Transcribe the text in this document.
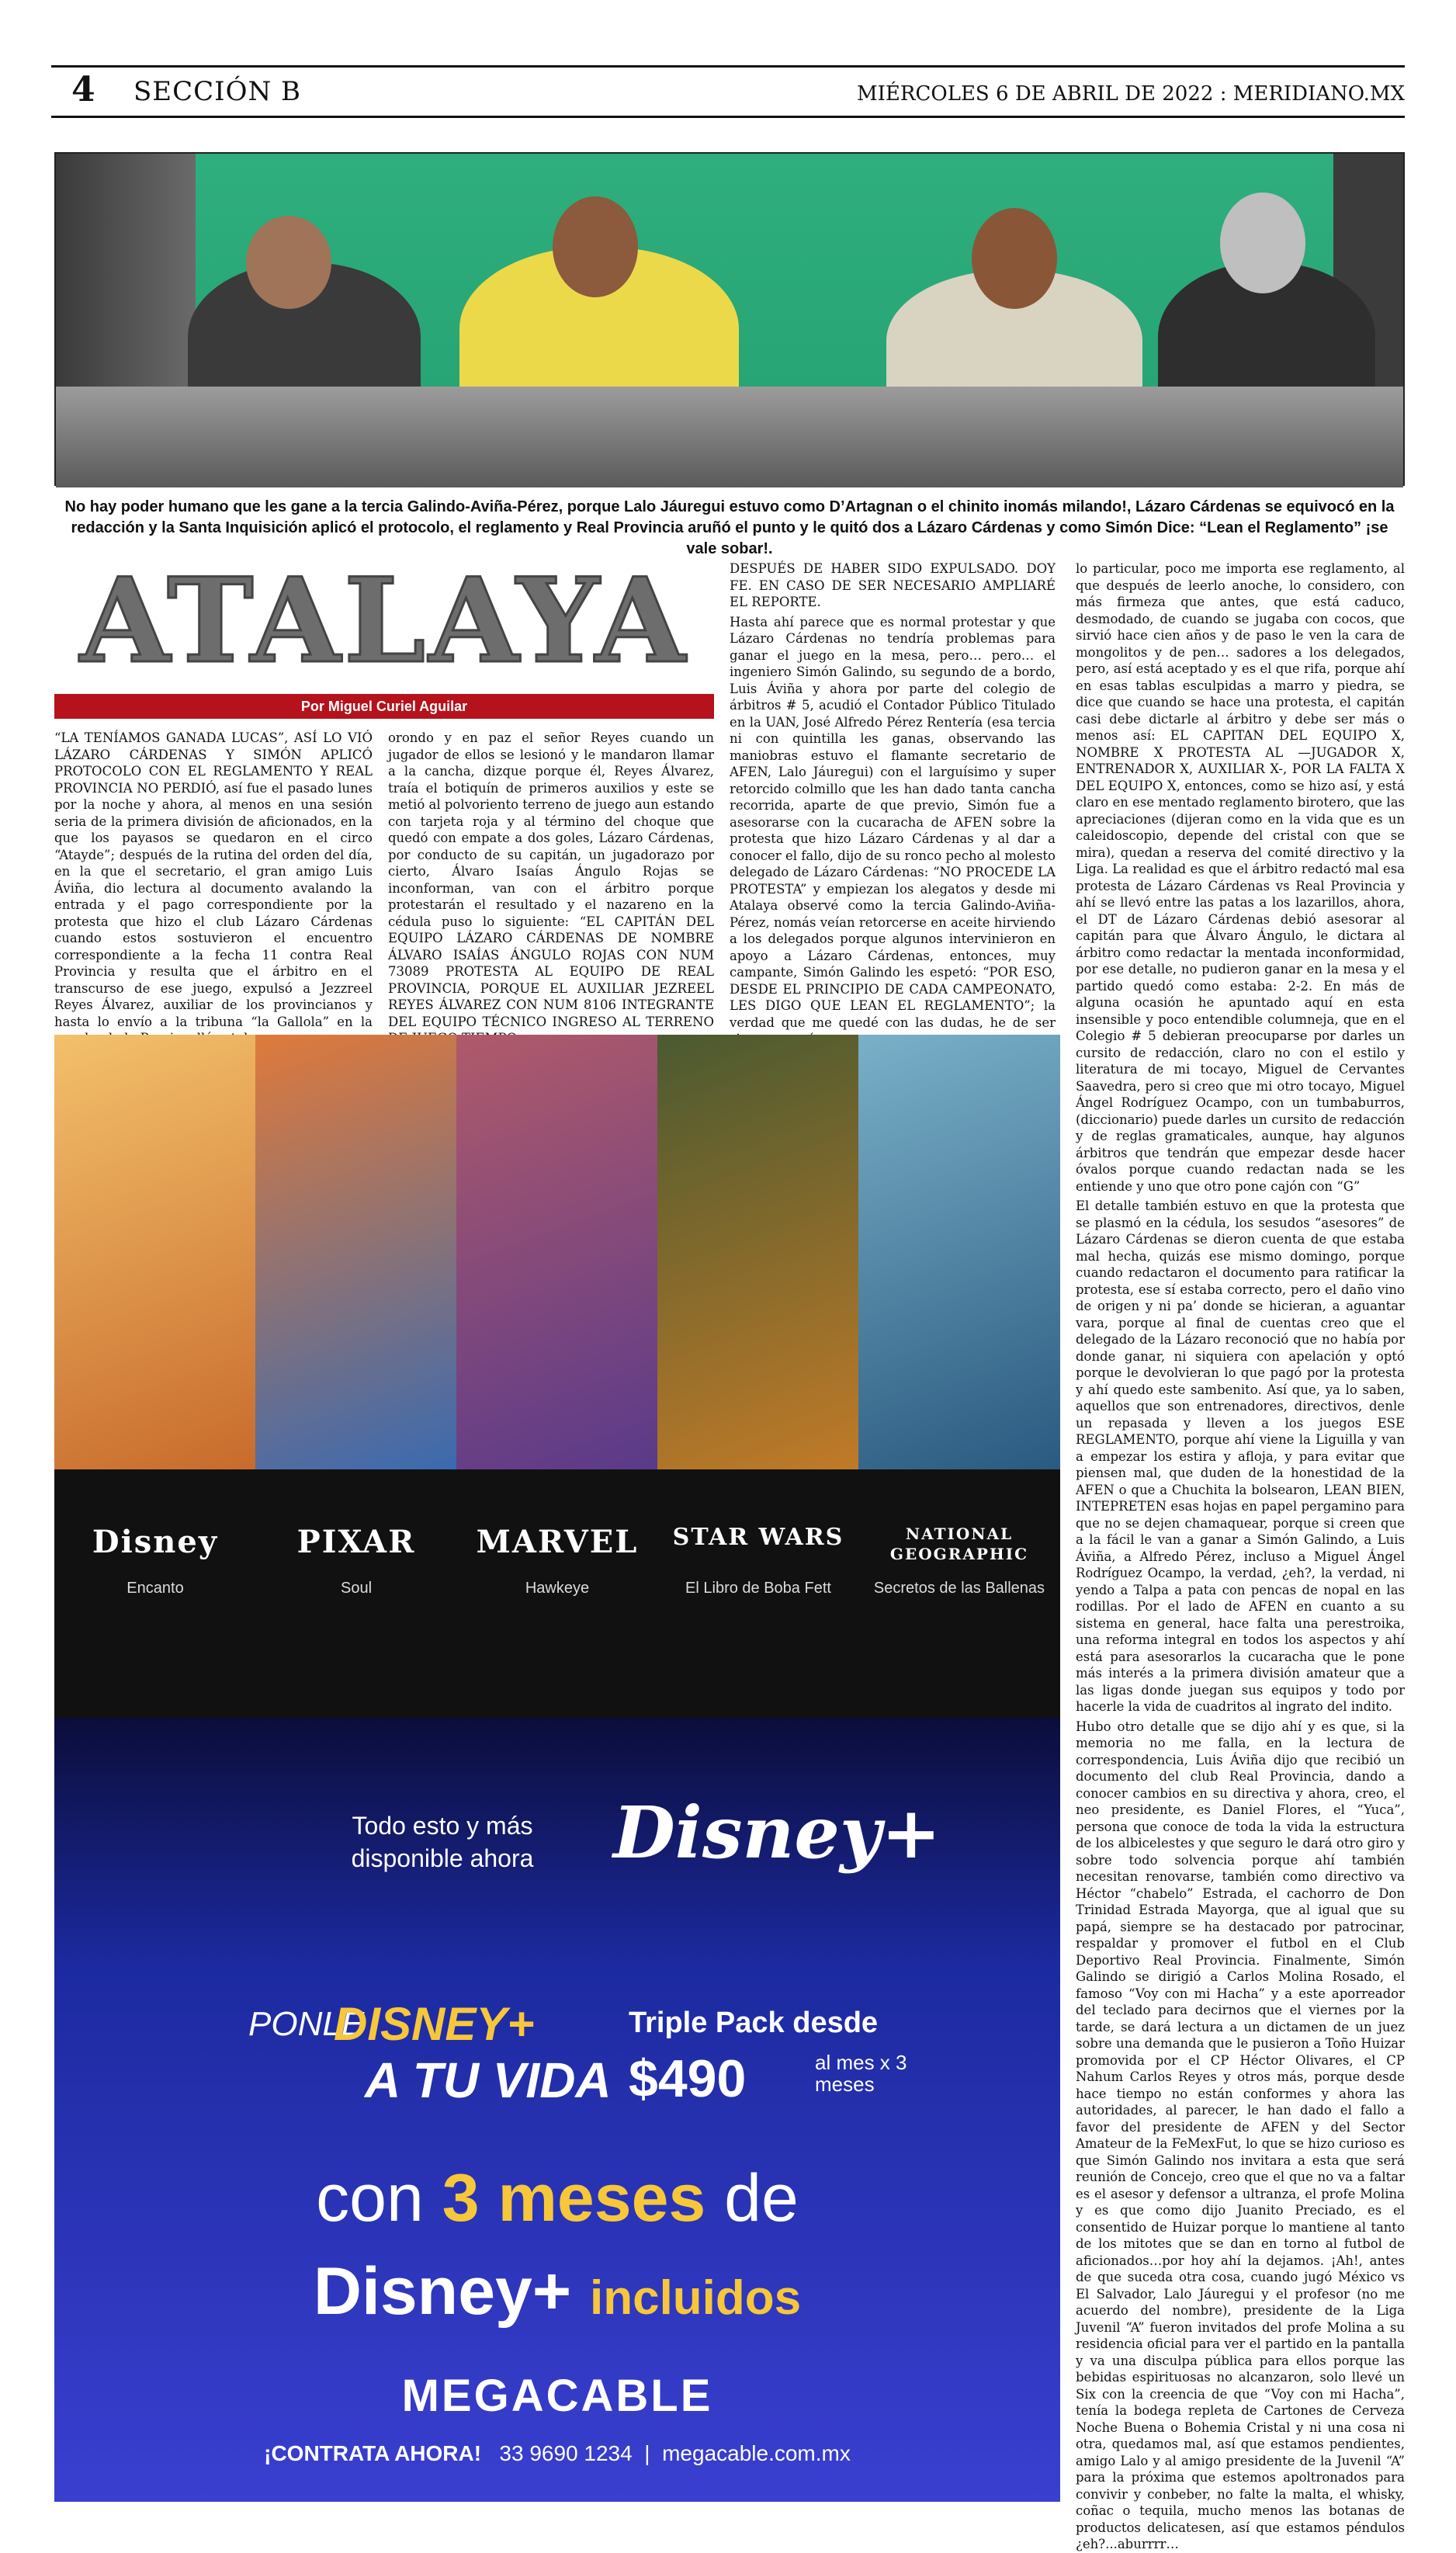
4 SECCIÓN B	MIÉRCOLES 6 DE ABRIL DE 2022 : MERIDIANO.MX
No hay poder humano que les gane a la tercia Galindo-Aviña-Pérez, porque Lalo Jáuregui estuvo como D’Artagnan o el chinito inomás milando!, Lázaro Cárdenas se equivocó en la redacción y la Santa Inquisición aplicó el protocolo, el reglamento y Real Provincia aruñó el punto y le quitó dos a Lázaro Cárdenas y como Simón Dice: “Lean el Reglamento” ¡se vale sobar!.
ATALAYA
Por Miguel Curiel Aguilar

“LA TENÍAMOS GANADA LUCAS”, ASÍ LO VIÓ LÁZARO CÁRDENAS Y SIMÓN APLICÓ PROTOCOLO CON EL REGLAMENTO Y REAL PROVINCIA NO PERDIÓ, así fue el pasado lunes por la noche y ahora, al menos en una sesión seria de la primera división de aficionados, en la que los payasos se quedaron en el circo “Atayde”; después de la rutina del orden del día, en la que el secretario, el gran amigo Luis Áviña, dio lectura al documento avalando la entrada y el pago correspondiente por la protesta que hizo el club Lázaro Cárdenas cuando estos sostuvieron el encuentro correspondiente a la fecha 11 contra Real Provincia y resulta que el árbitro en el transcurso de ese juego, expulsó a Jezzreel Reyes Álvarez, auxiliar de los provincianos y hasta lo envío a la tribuna “la Gallola” en la

orondo y en paz el señor Reyes cuando un jugador de ellos se lesionó y le mandaron llamar a la cancha, dizque porque él, Reyes Álvarez, traía el botiquín de primeros auxilios y este se metió al polvoriento terreno de juego aun estando con tarjeta roja y al término del choque que quedó con empate a dos goles, Lázaro Cárdenas, por conducto de su capitán, un jugadorazo por cierto, Álvaro Isaías Ángulo Rojas se inconforman, van con el árbitro porque protestarán el resultado y el nazareno en la cédula puso lo siguiente: “EL CAPITÁN DEL EQUIPO LÁZARO CÁRDENAS DE NOMBRE ÁLVARO ISAÍAS ÁNGULO ROJAS CON NUM 73089 PROTESTA AL EQUIPO DE REAL PROVINCIA, PORQUE EL AUXILIAR JEZREEL REYES ÁLVAREZ CON NUM 8106 INTEGRANTE DEL EQUIPO TÉCNICO INGRESO AL TERRENO

DESPUÉS DE HABER SIDO EXPULSADO. DOY FE. EN CASO DE SER NECESARIO AMPLIARÉ EL REPORTE.

Hasta ahí parece que es normal protestar y que Lázaro Cárdenas no tendría problemas para ganar el juego en la mesa, pero… pero… el ingeniero Simón Galindo, su segundo de a bordo, Luis Áviña y ahora por parte del colegio de árbitros # 5, acudió el Contador Público Titulado en la UAN, José Alfredo Pérez Rentería (esa tercia ni con quintilla les ganas, observando las maniobras estuvo el flamante secretario de AFEN, Lalo Jáuregui) con el larguísimo y super retorcido colmillo que les han dado tanta cancha recorrida, aparte de que previo, Simón fue a asesorarse con la cucaracha de AFEN sobre la protesta que hizo Lázaro Cárdenas y al dar a conocer el fallo, dijo de su ronco pecho al molesto delegado de Lázaro Cárdenas: “NO PROCEDE LA PROTESTA” y empiezan los alegatos y desde mi Atalaya observé como la tercia Galindo-Aviña-Pérez, nomás veían retorcerse en aceite hirviendo a los delegados porque algunos intervinieron en apoyo a Lázaro Cárdenas, entonces, muy campante, Simón Galindo les espetó: “POR ESO, DESDE EL PRINCIPIO DE CADA CAMPEONATO, LES DIGO QUE LEAN EL REGLAMENTO”; la verdad que me quedé con las dudas, he de ser

lo particular, poco me importa ese reglamento, al que después de leerlo anoche, lo considero, con más firmeza que antes, que está caduco, desmodado, de cuando se jugaba con cocos, que sirvió hace cien años y de paso le ven la cara de mongolitos y de pen… sadores a los delegados, pero, así está aceptado y es el que rifa, porque ahí en esas tablas esculpidas a marro y piedra, se dice que cuando se hace una protesta, el capitán casi debe dictarle al árbitro y debe ser más o menos así: EL CAPITAN DEL EQUIPO X, NOMBRE X PROTESTA AL —JUGADOR X, ENTRENADOR X, AUXILIAR X-, POR LA FALTA X DEL EQUIPO X, entonces, como se hizo así, y está claro en ese mentado reglamento birotero, que las apreciaciones (dijeran como en la vida que es un caleidoscopio, depende del cristal con que se mira), quedan a reserva del comité directivo y la Liga. La realidad es que el árbitro redactó mal esa protesta de Lázaro Cárdenas vs Real Provincia y ahí se llevó entre las patas a los lazarillos, ahora, el DT de Lázaro Cárdenas debió asesorar al capitán para que Álvaro Ángulo, le dictara al árbitro como redactar la mentada inconformidad, por ese detalle, no pudieron ganar en la mesa y el partido quedó como estaba: 2-2. En más de alguna ocasión he apuntado aquí en esta insensible y poco entendible columneja, que en el Colegio # 5 debieran preocuparse por darles un cursito de redacción, claro no con el estilo y literatura de mi tocayo, Miguel de Cervantes Saavedra, pero si creo que mi otro tocayo, Miguel Ángel Rodríguez Ocampo, con un tumbaburros, (diccionario) puede darles un cursito de redacción y de reglas gramaticales, aunque, hay algunos árbitros que tendrán que empezar desde hacer óvalos porque cuando redactan nada se les entiende y uno que otro pone cajón con “G”

El detalle también estuvo en que la protesta que se plasmó en la cédula, los sesudos “asesores” de Lázaro Cárdenas se dieron cuenta de que estaba mal hecha, quizás ese mismo domingo, porque cuando redactaron el documento para ratificar la protesta, ese sí estaba correcto, pero el daño vino de origen y ni pa’ donde se hicieran, a aguantar vara, porque al final de cuentas creo que el delegado de la Lázaro reconoció que no había por donde ganar, ni siquiera con apelación y optó porque le devolvieran lo que pagó por la protesta y ahí quedo este sambenito. Así que, ya lo saben, aquellos que son entrenadores, directivos, denle un repasada y lleven a los juegos ESE REGLAMENTO, porque ahí viene la Liguilla y van a empezar los estira y afloja, y para evitar que piensen mal, que duden de la honestidad de la AFEN o que a Chuchita la bolsearon, LEAN BIEN, INTEPRETEN esas hojas en papel pergamino para que no se dejen chamaquear, porque si creen que a la fácil le van a ganar a Simón Galindo, a Luis Áviña, a Alfredo Pérez, incluso a Miguel Ángel Rodríguez Ocampo, la verdad, ¿eh?, la verdad, ni yendo a Talpa a pata con pencas de nopal en las rodillas. Por el lado de AFEN en cuanto a su sistema en general, hace falta una perestroika, una reforma integral en todos los aspectos y ahí está para asesorarlos la cucaracha que le pone más interés a la primera división amateur que a las ligas donde juegan sus equipos y todo por hacerle la vida de cuadritos al ingrato del indito.

Hubo otro detalle que se dijo ahí y es que, si la memoria no me falla, en la lectura de correspondencia, Luis Áviña dijo que recibió un documento del club Real Provincia, dando a conocer cambios en su directiva y ahora, creo, el neo presidente, es Daniel Flores, el “Yuca”, persona que conoce de toda la vida la estructura de los albicelestes y que seguro le dará otro giro y sobre todo solvencia porque ahí también necesitan renovarse, también como directivo va Héctor “chabelo” Estrada, el cachorro de Don Trinidad Estrada Mayorga, que al igual que su papá, siempre se ha destacado por patrocinar, respaldar y promover el futbol en el Club Deportivo Real Provincia. Finalmente, Simón Galindo se dirigió a Carlos Molina Rosado, el famoso “Voy con mi Hacha” y a este aporreador del teclado para decirnos que el viernes por la tarde, se dará lectura a un dictamen de un juez sobre una demanda que le pusieron a Toño Huizar promovida por el CP Héctor Olivares, el CP Nahum Carlos Reyes y otros más, porque desde hace tiempo no están conformes y ahora las autoridades, al parecer, le han dado el fallo a favor del presidente de AFEN y del Sector Amateur de la FeMexFut, lo que se hizo curioso es que Simón Galindo nos invitara a esta que será reunión de Concejo, creo que el que no va a faltar es el asesor y defensor a ultranza, el profe Molina y es que como dijo Juanito Preciado, es el consentido de Huizar porque lo mantiene al tanto de los mitotes que se dan en torno al futbol de aficionados…por hoy ahí la dejamos. ¡Ah!, antes de que suceda otra cosa, cuando jugó México vs El Salvador, Lalo Jáuregui y el profesor (no me acuerdo del nombre), presidente de la Liga Juvenil “A” fueron invitados del profe Molina a su residencia oficial para ver el partido en la pantalla y va una disculpa pública para ellos porque las bebidas espirituosas no alcanzaron, solo llevé un Six con la creencia de que “Voy con mi Hacha”, tenía la bodega repleta de Cartones de Cerveza Noche Buena o Bohemia Cristal y ni una cosa ni otra, quedamos mal, así que estamos pendientes, amigo Lalo y al amigo presidente de la Juvenil “A” para la próxima que estemos apoltronados para convivir y conbeber, no falte la malta, el whisky, coñac o tequila, mucho menos las botanas de productos delicatesen, así que estamos péndulos ¿eh?...aburrrr…

Disney
Encanto
PIXAR
Soul
MARVEL
Hawkeye
STAR WARS
El Libro de Boba Fett
NATIONAL GEOGRAPHIC
Secretos de las Ballenas
Todo esto y más disponible ahora	Disney+
PONLE
DISNEY+
A TU VIDA
Triple Pack desde
$490	al mes x 3 meses
con 3 meses de
Disney+ incluidos
MEGACABLE
¡CONTRATA AHORA! 33 9690 1234  |  megacable.com.mx
